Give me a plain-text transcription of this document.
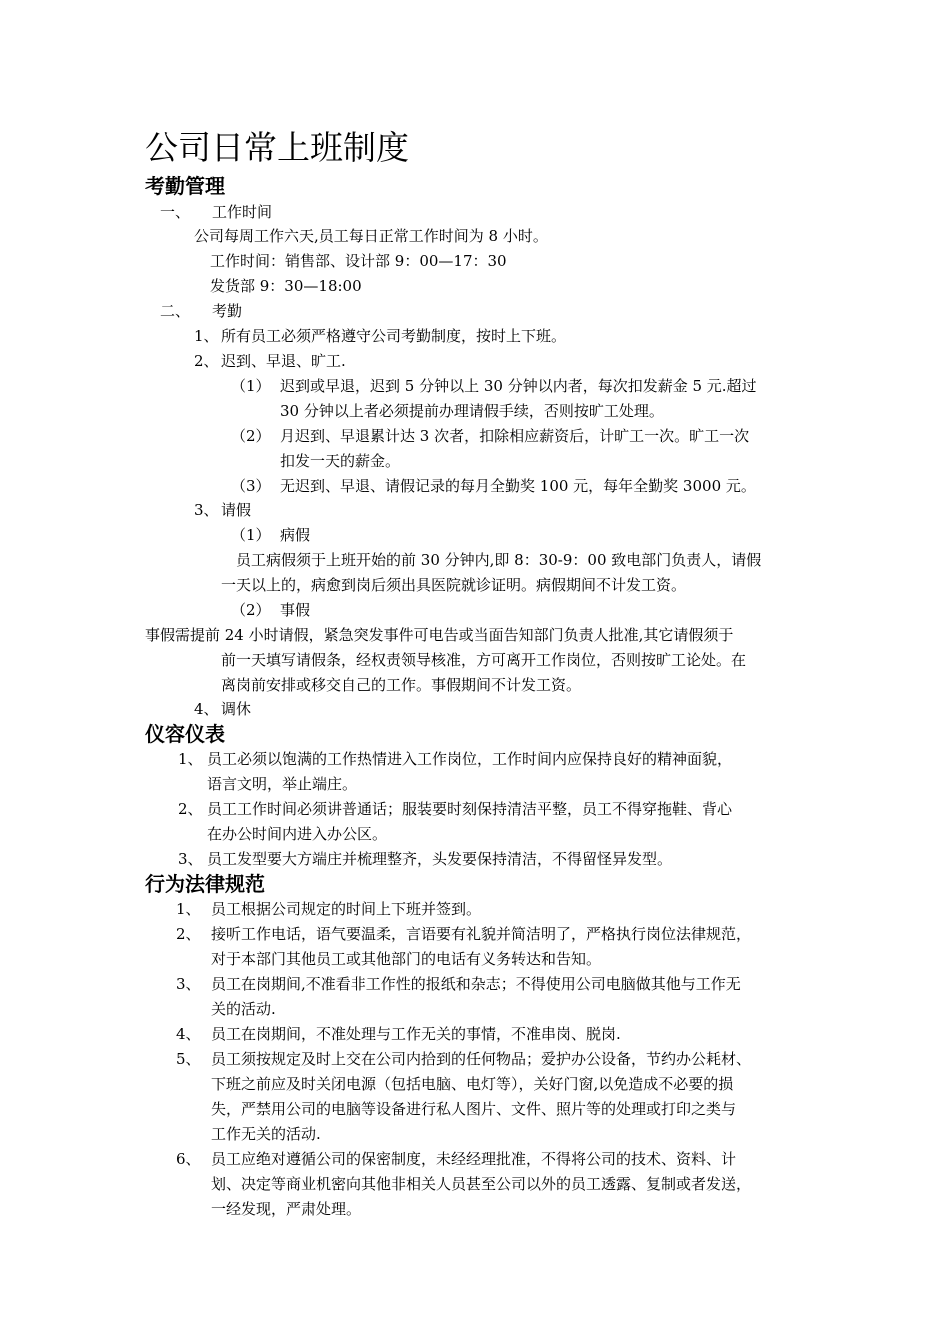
公司日常上班制度
考勤管理
一、 工作时间
公司每周工作六天,员工每日正常工作时间为 8 小时。
工作时间：销售部、设计部 9：00—17：30
发货部 9：30—18:00
二、 考勤
1、 所有员工必须严格遵守公司考勤制度，按时上下班。
2、 迟到、早退、旷工.
（1） 迟到或早退，迟到 5 分钟以上 30 分钟以内者，每次扣发薪金 5 元.超过
30 分钟以上者必须提前办理请假手续，否则按旷工处理。
（2） 月迟到、早退累计达 3 次者，扣除相应薪资后，计旷工一次。旷工一次
扣发一天的薪金。
（3） 无迟到、早退、请假记录的每月全勤奖 100 元，每年全勤奖 3000 元。
3、 请假
（1） 病假
员工病假须于上班开始的前 30 分钟内,即 8：30-9：00 致电部门负责人，请假
一天以上的，病愈到岗后须出具医院就诊证明。病假期间不计发工资。
（2） 事假
事假需提前 24 小时请假，紧急突发事件可电告或当面告知部门负责人批准,其它请假须于
前一天填写请假条，经权责领导核准，方可离开工作岗位，否则按旷工论处。在
离岗前安排或移交自己的工作。事假期间不计发工资。
4、 调休
仪容仪表
1、 员工必须以饱满的工作热情进入工作岗位，工作时间内应保持良好的精神面貌，
语言文明，举止端庄。
2、 员工工作时间必须讲普通话；服装要时刻保持清洁平整，员工不得穿拖鞋、背心
在办公时间内进入办公区。
3、 员工发型要大方端庄并梳理整齐，头发要保持清洁，不得留怪异发型。
行为法律规范
1、 员工根据公司规定的时间上下班并签到。
2、 接听工作电话，语气要温柔，言语要有礼貌并简洁明了，严格执行岗位法律规范，
对于本部门其他员工或其他部门的电话有义务转达和告知。
3、 员工在岗期间,不准看非工作性的报纸和杂志；不得使用公司电脑做其他与工作无
关的活动.
4、 员工在岗期间，不准处理与工作无关的事情，不准串岗、脱岗.
5、 员工须按规定及时上交在公司内拾到的任何物品；爱护办公设备，节约办公耗材、
下班之前应及时关闭电源（包括电脑、电灯等），关好门窗,以免造成不必要的损
失，严禁用公司的电脑等设备进行私人图片、文件、照片等的处理或打印之类与
工作无关的活动.
6、 员工应绝对遵循公司的保密制度，未经经理批准，不得将公司的技术、资料、计
划、决定等商业机密向其他非相关人员甚至公司以外的员工透露、复制或者发送，
一经发现，严肃处理。
